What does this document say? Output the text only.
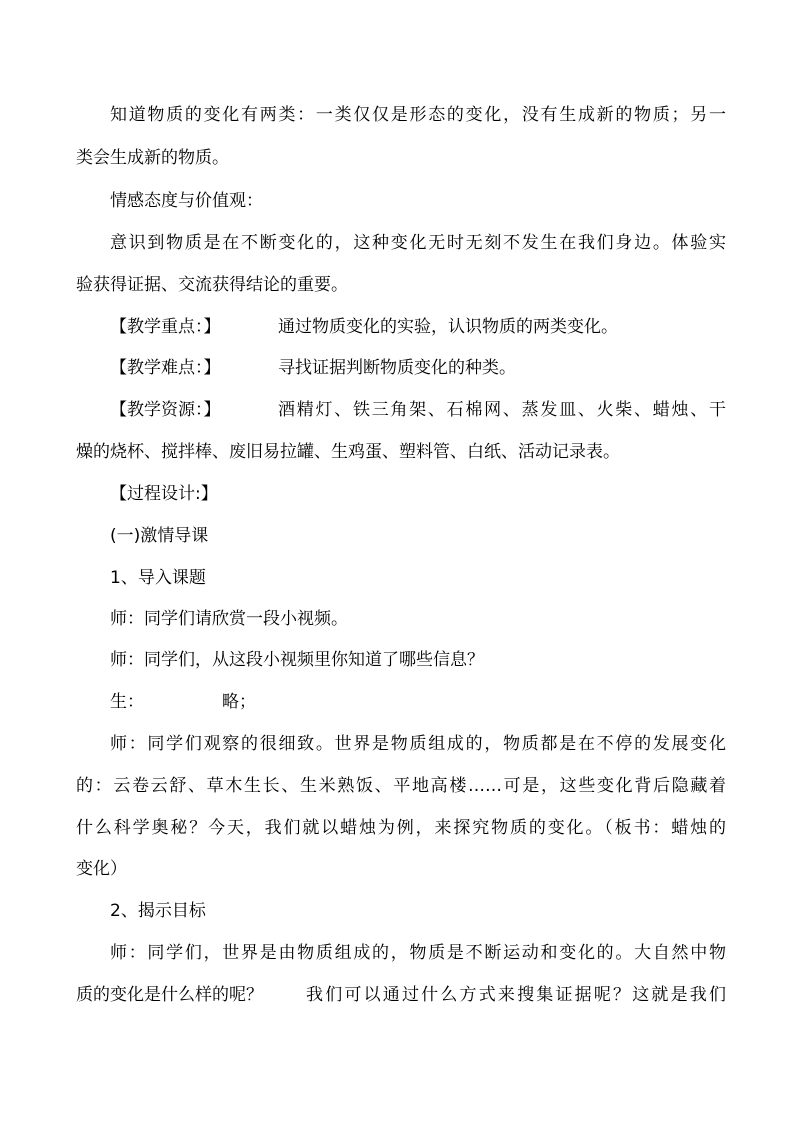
知道物质的变化有两类：一类仅仅是形态的变化，没有生成新的物质；另一
类会生成新的物质。
情感态度与价值观：
意识到物质是在不断变化的，这种变化无时无刻不发生在我们身边。体验实
验获得证据、交流获得结论的重要。
【教学重点：】	通过物质变化的实验，认识物质的两类变化。
【教学难点：】	寻找证据判断物质变化的种类。
【教学资源：】	酒精灯、铁三角架、石棉网、蒸发皿、火柴、蜡烛、干
燥的烧杯、搅拌棒、废旧易拉罐、生鸡蛋、塑料管、白纸、活动记录表。
【过程设计:】
(一)激情导课
1、导入课题
师：同学们请欣赏一段小视频。
师：同学们，从这段小视频里你知道了哪些信息？
生：	略；
师：同学们观察的很细致。世界是物质组成的，物质都是在不停的发展变化
的：云卷云舒、草木生长、生米熟饭、平地高楼……可是，这些变化背后隐藏着
什么科学奥秘？今天，我们就以蜡烛为例，来探究物质的变化。（板书：蜡烛的
变化）
2、揭示目标
师：同学们，世界是由物质组成的，物质是不断运动和变化的。大自然中物
质的变化是什么样的呢？	我们可以通过什么方式来搜集证据呢？这就是我们
